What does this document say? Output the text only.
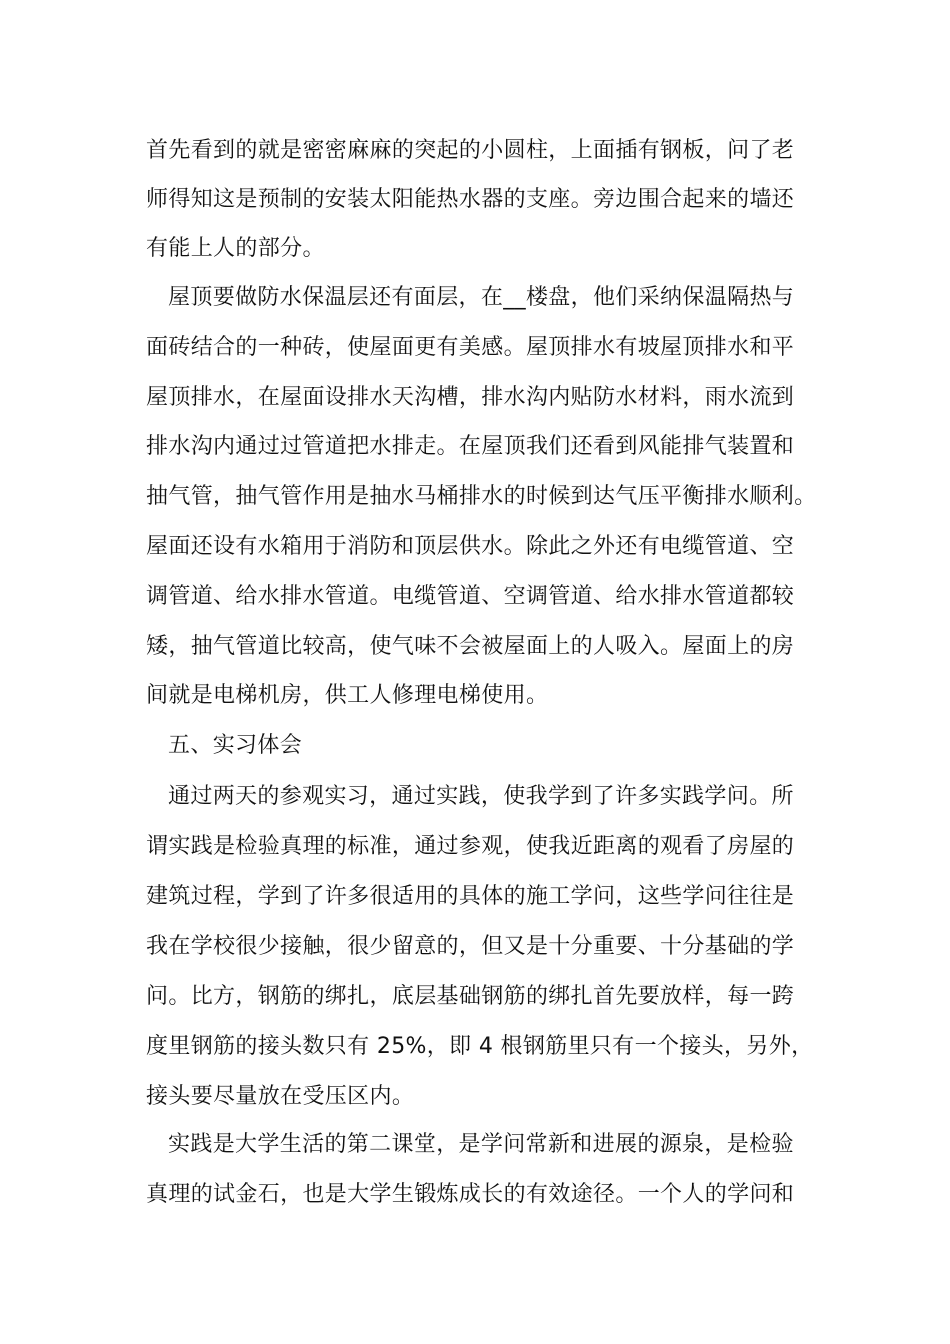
首先看到的就是密密麻麻的突起的小圆柱，上面插有钢板，问了老
师得知这是预制的安装太阳能热水器的支座。旁边围合起来的墙还
有能上人的部分。
屋顶要做防水保温层还有面层，在__楼盘，他们采纳保温隔热与
面砖结合的一种砖，使屋面更有美感。屋顶排水有坡屋顶排水和平
屋顶排水，在屋面设排水天沟槽，排水沟内贴防水材料，雨水流到
排水沟内通过过管道把水排走。在屋顶我们还看到风能排气装置和
抽气管，抽气管作用是抽水马桶排水的时候到达气压平衡排水顺利。
屋面还设有水箱用于消防和顶层供水。除此之外还有电缆管道、空
调管道、给水排水管道。电缆管道、空调管道、给水排水管道都较
矮，抽气管道比较高，使气味不会被屋面上的人吸入。屋面上的房
间就是电梯机房，供工人修理电梯使用。
五、实习体会
通过两天的参观实习，通过实践，使我学到了许多实践学问。所
谓实践是检验真理的标准，通过参观，使我近距离的观看了房屋的
建筑过程，学到了许多很适用的具体的施工学问，这些学问往往是
我在学校很少接触，很少留意的，但又是十分重要、十分基础的学
问。比方，钢筋的绑扎，底层基础钢筋的绑扎首先要放样，每一跨
度里钢筋的接头数只有 25%，即 4 根钢筋里只有一个接头，另外，
接头要尽量放在受压区内。
实践是大学生活的第二课堂，是学问常新和进展的源泉，是检验
真理的试金石，也是大学生锻炼成长的有效途径。一个人的学问和
